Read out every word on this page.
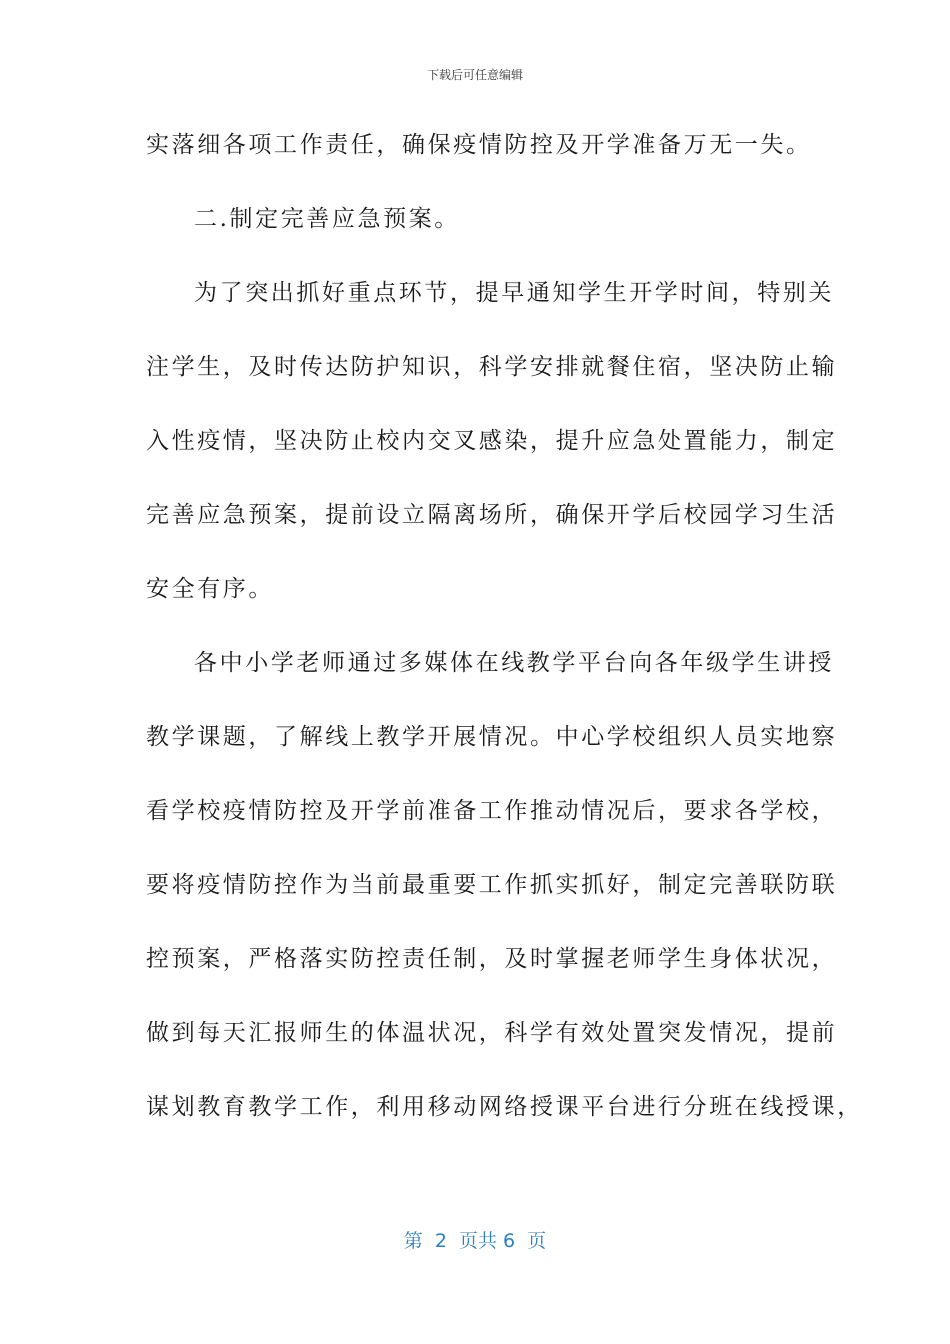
下载后可任意编辑
实落细各项工作责任，确保疫情防控及开学准备万无一失。
二.制定完善应急预案。
为了突出抓好重点环节，提早通知学生开学时间，特别关
注学生，及时传达防护知识，科学安排就餐住宿，坚决防止输
入性疫情，坚决防止校内交叉感染，提升应急处置能力，制定
完善应急预案，提前设立隔离场所，确保开学后校园学习生活
安全有序。
各中小学老师通过多媒体在线教学平台向各年级学生讲授
教学课题，了解线上教学开展情况。中心学校组织人员实地察
看学校疫情防控及开学前准备工作推动情况后，要求各学校，
要将疫情防控作为当前最重要工作抓实抓好，制定完善联防联
控预案，严格落实防控责任制，及时掌握老师学生身体状况，
做到每天汇报师生的体温状况，科学有效处置突发情况，提前
谋划教育教学工作，利用移动网络授课平台进行分班在线授课，
第  2  页共 6  页
